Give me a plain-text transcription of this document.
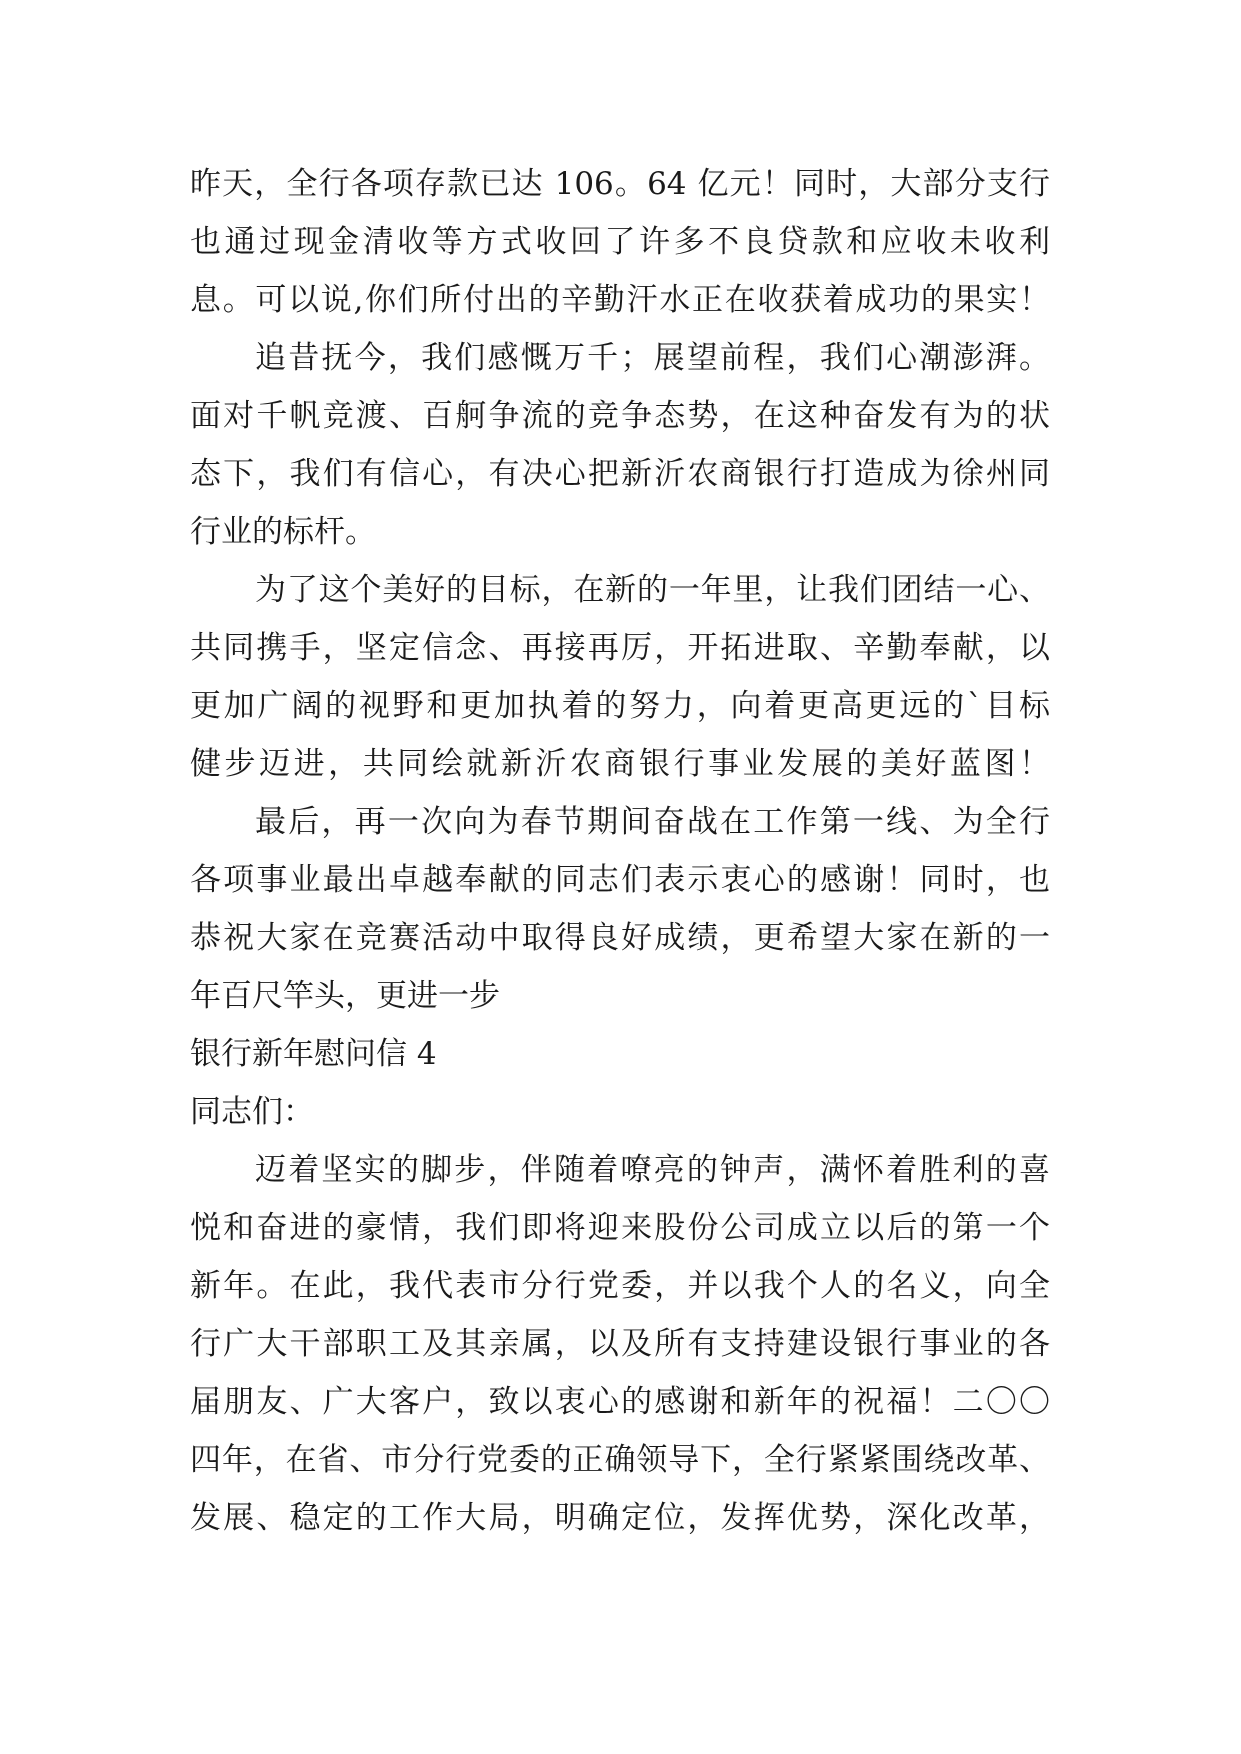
昨天，全行各项存款已达 106。64 亿元！同时，大部分支行
也通过现金清收等方式收回了许多不良贷款和应收未收利
息。可以说,你们所付出的辛勤汗水正在收获着成功的果实！
追昔抚今，我们感慨万千；展望前程，我们心潮澎湃。
面对千帆竞渡、百舸争流的竞争态势，在这种奋发有为的状
态下，我们有信心，有决心把新沂农商银行打造成为徐州同
行业的标杆。
为了这个美好的目标，在新的一年里，让我们团结一心、
共同携手，坚定信念、再接再厉，开拓进取、辛勤奉献，以
更加广阔的视野和更加执着的努力，向着更高更远的`目标
健步迈进，共同绘就新沂农商银行事业发展的美好蓝图！
最后，再一次向为春节期间奋战在工作第一线、为全行
各项事业最出卓越奉献的同志们表示衷心的感谢！同时，也
恭祝大家在竞赛活动中取得良好成绩，更希望大家在新的一
年百尺竿头，更进一步
银行新年慰问信 4
同志们：
迈着坚实的脚步，伴随着嘹亮的钟声，满怀着胜利的喜
悦和奋进的豪情，我们即将迎来股份公司成立以后的第一个
新年。在此，我代表市分行党委，并以我个人的名义，向全
行广大干部职工及其亲属，以及所有支持建设银行事业的各
届朋友、广大客户，致以衷心的感谢和新年的祝福！二〇〇
四年，在省、市分行党委的正确领导下，全行紧紧围绕改革、
发展、稳定的工作大局，明确定位，发挥优势，深化改革，
